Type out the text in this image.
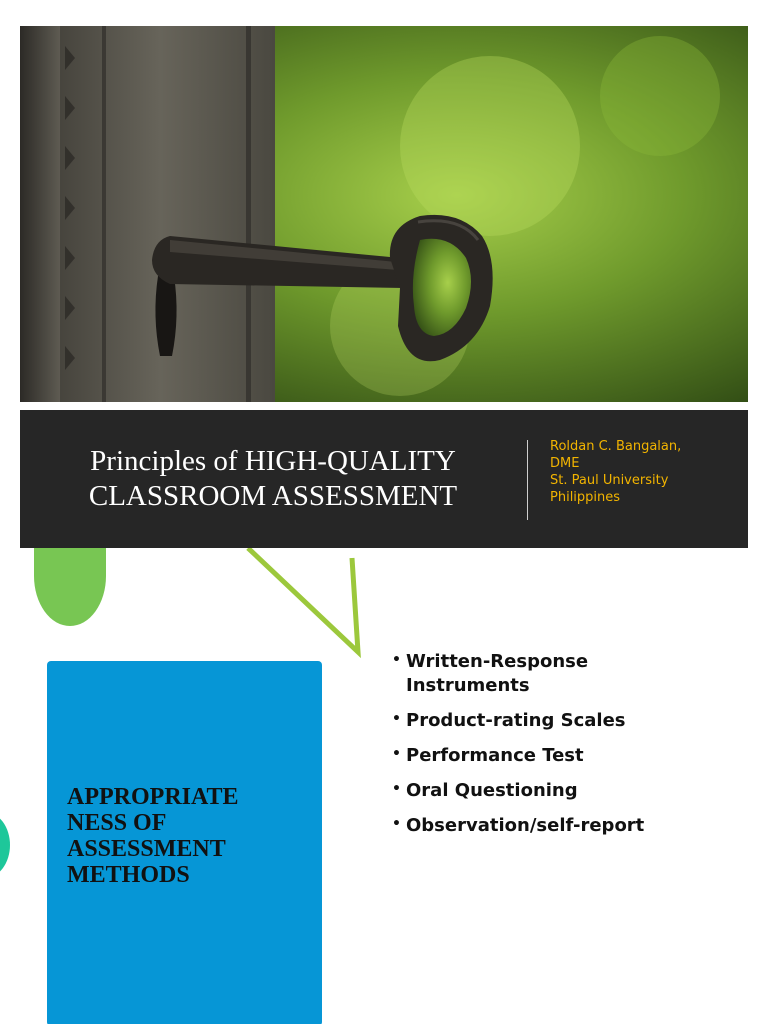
Principles of HIGH-QUALITY
CLASSROOM ASSESSMENT
Roldan C. Bangalan,
DME
St. Paul University
Philippines
APPROPRIATE
NESS OF
ASSESSMENT
METHODS
• Written-Response
Instruments
• Product-rating Scales
• Performance Test
• Oral Questioning
• Observation/self-report
